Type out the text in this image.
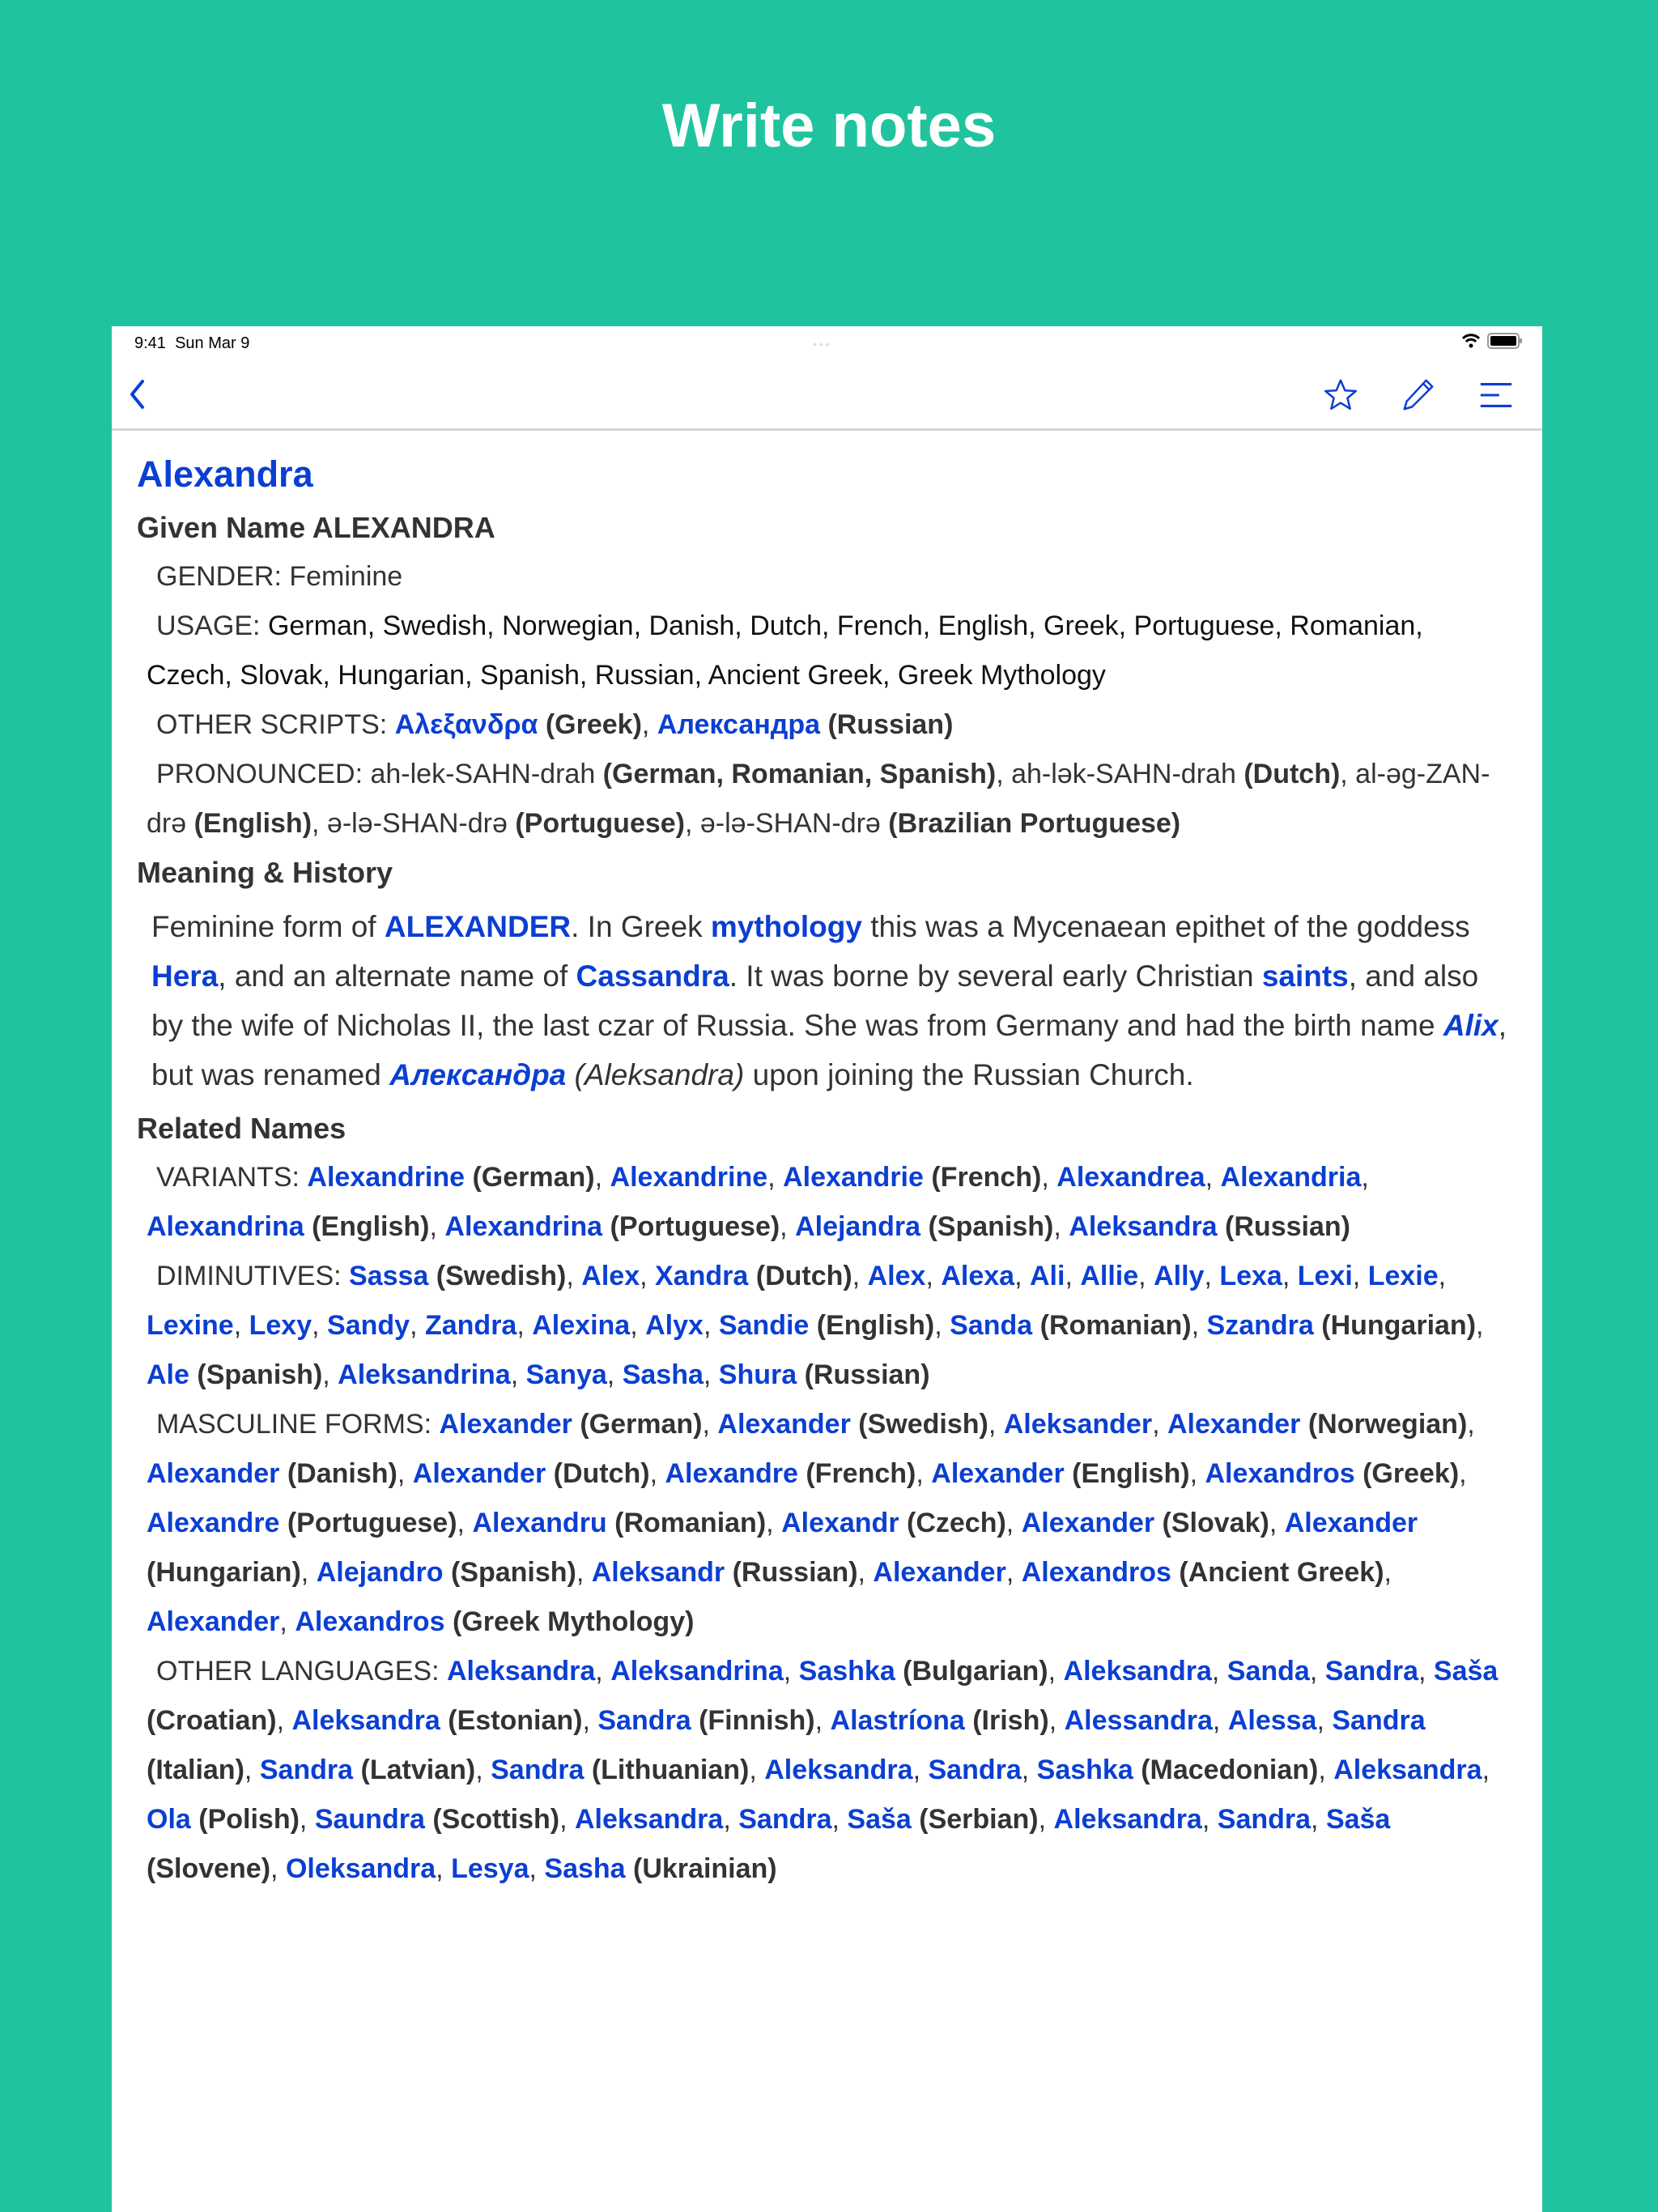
Write notes
9:41 Sun Mar 9	•••
Alexandra
Given Name ALEXANDRA
GENDER: Feminine
USAGE: German, Swedish, Norwegian, Danish, Dutch, French, English, Greek, Portuguese, Romanian, Czech, Slovak, Hungarian, Spanish, Russian, Ancient Greek, Greek Mythology
OTHER SCRIPTS: Αλεξανδρα (Greek), Александра (Russian)
PRONOUNCED: ah-lek-SAHN-drah (German, Romanian, Spanish), ah-lək-SAHN-drah (Dutch), al-əg-ZAN-drə (English), ə-lə-SHAN-drə (Portuguese), ə-lə-SHAN-drə (Brazilian Portuguese)
Meaning & History
Feminine form of ALEXANDER. In Greek mythology this was a Mycenaean epithet of the goddess Hera, and an alternate name of Cassandra. It was borne by several early Christian saints, and also by the wife of Nicholas II, the last czar of Russia. She was from Germany and had the birth name Alix, but was renamed Александра (Aleksandra) upon joining the Russian Church.
Related Names
VARIANTS: Alexandrine (German), Alexandrine, Alexandrie (French), Alexandrea, Alexandria, Alexandrina (English), Alexandrina (Portuguese), Alejandra (Spanish), Aleksandra (Russian)
DIMINUTIVES: Sassa (Swedish), Alex, Xandra (Dutch), Alex, Alexa, Ali, Allie, Ally, Lexa, Lexi, Lexie, Lexine, Lexy, Sandy, Zandra, Alexina, Alyx, Sandie (English), Sanda (Romanian), Szandra (Hungarian), Ale (Spanish), Aleksandrina, Sanya, Sasha, Shura (Russian)
MASCULINE FORMS: Alexander (German), Alexander (Swedish), Aleksander, Alexander (Norwegian), Alexander (Danish), Alexander (Dutch), Alexandre (French), Alexander (English), Alexandros (Greek), Alexandre (Portuguese), Alexandru (Romanian), Alexandr (Czech), Alexander (Slovak), Alexander (Hungarian), Alejandro (Spanish), Aleksandr (Russian), Alexander, Alexandros (Ancient Greek), Alexander, Alexandros (Greek Mythology)
OTHER LANGUAGES: Aleksandra, Aleksandrina, Sashka (Bulgarian), Aleksandra, Sanda, Sandra, Saša (Croatian), Aleksandra (Estonian), Sandra (Finnish), Alastríona (Irish), Alessandra, Alessa, Sandra (Italian), Sandra (Latvian), Sandra (Lithuanian), Aleksandra, Sandra, Sashka (Macedonian), Aleksandra, Ola (Polish), Saundra (Scottish), Aleksandra, Sandra, Saša (Serbian), Aleksandra, Sandra, Saša (Slovene), Oleksandra, Lesya, Sasha (Ukrainian)
